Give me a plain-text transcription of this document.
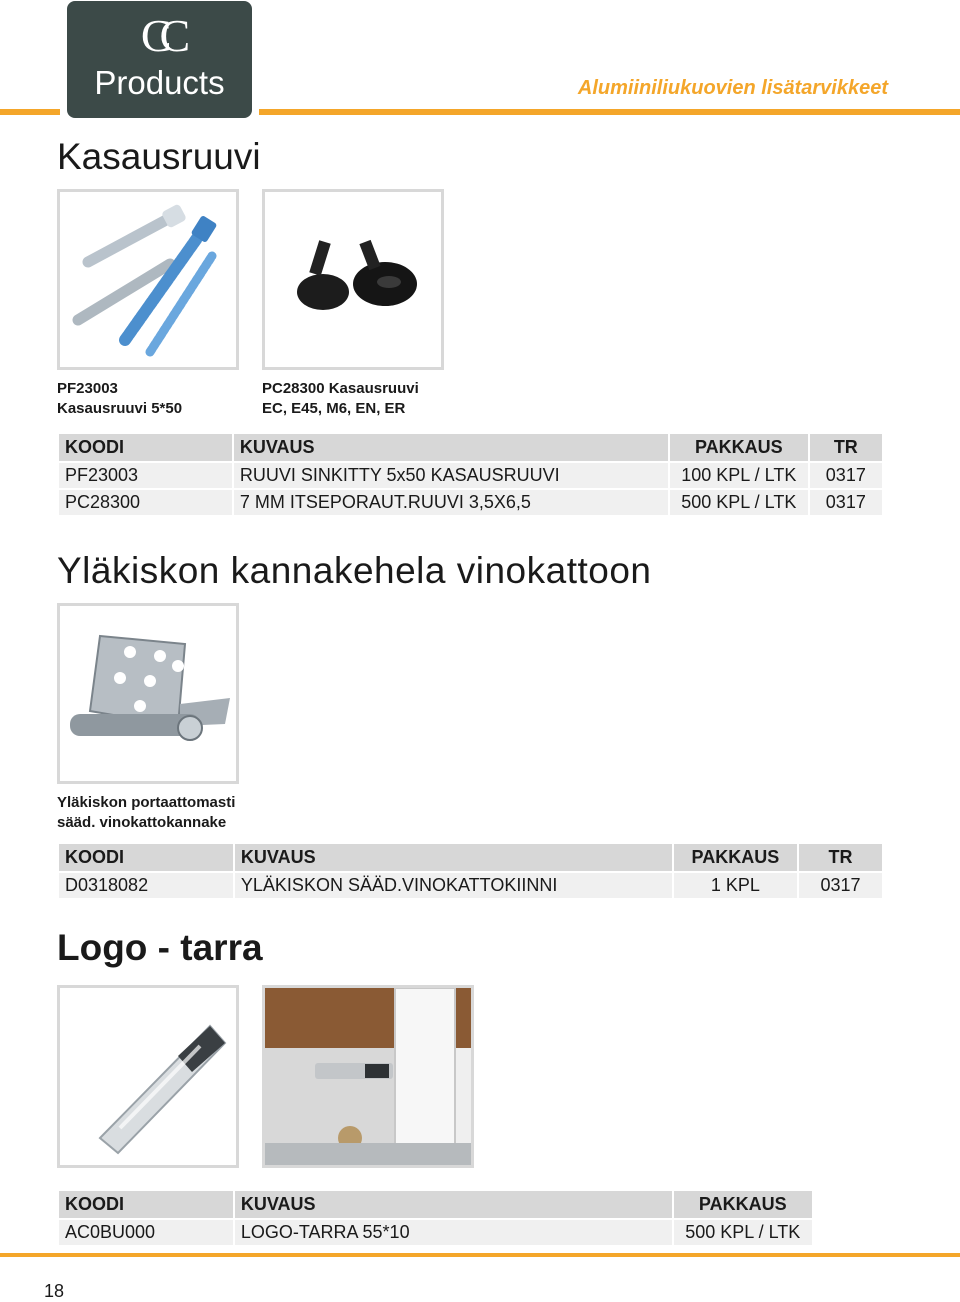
CC
Products	Alumiiniliukuovien lisätarvikkeet
Kasausruuvi
PF23003
Kasausruuvi 5*50
PC28300 Kasausruuvi
EC, E45, M6, EN, ER
KOODI	KUVAUS	PAKKAUS	TR
PF23003	RUUVI SINKITTY 5x50 KASAUSRUUVI	100 KPL / LTK	0317
PC28300	7 MM ITSEPORAUT.RUUVI 3,5X6,5	500 KPL / LTK	0317
Yläkiskon kannakehela vinokattoon
Yläkiskon portaattomasti
sääd. vinokattokannake
KOODI	KUVAUS	PAKKAUS	TR
D0318082	YLÄKISKON SÄÄD.VINOKATTOKIINNI	1 KPL	0317
Logo - tarra
KOODI	KUVAUS	PAKKAUS
AC0BU000	LOGO-TARRA 55*10	500 KPL / LTK
18
